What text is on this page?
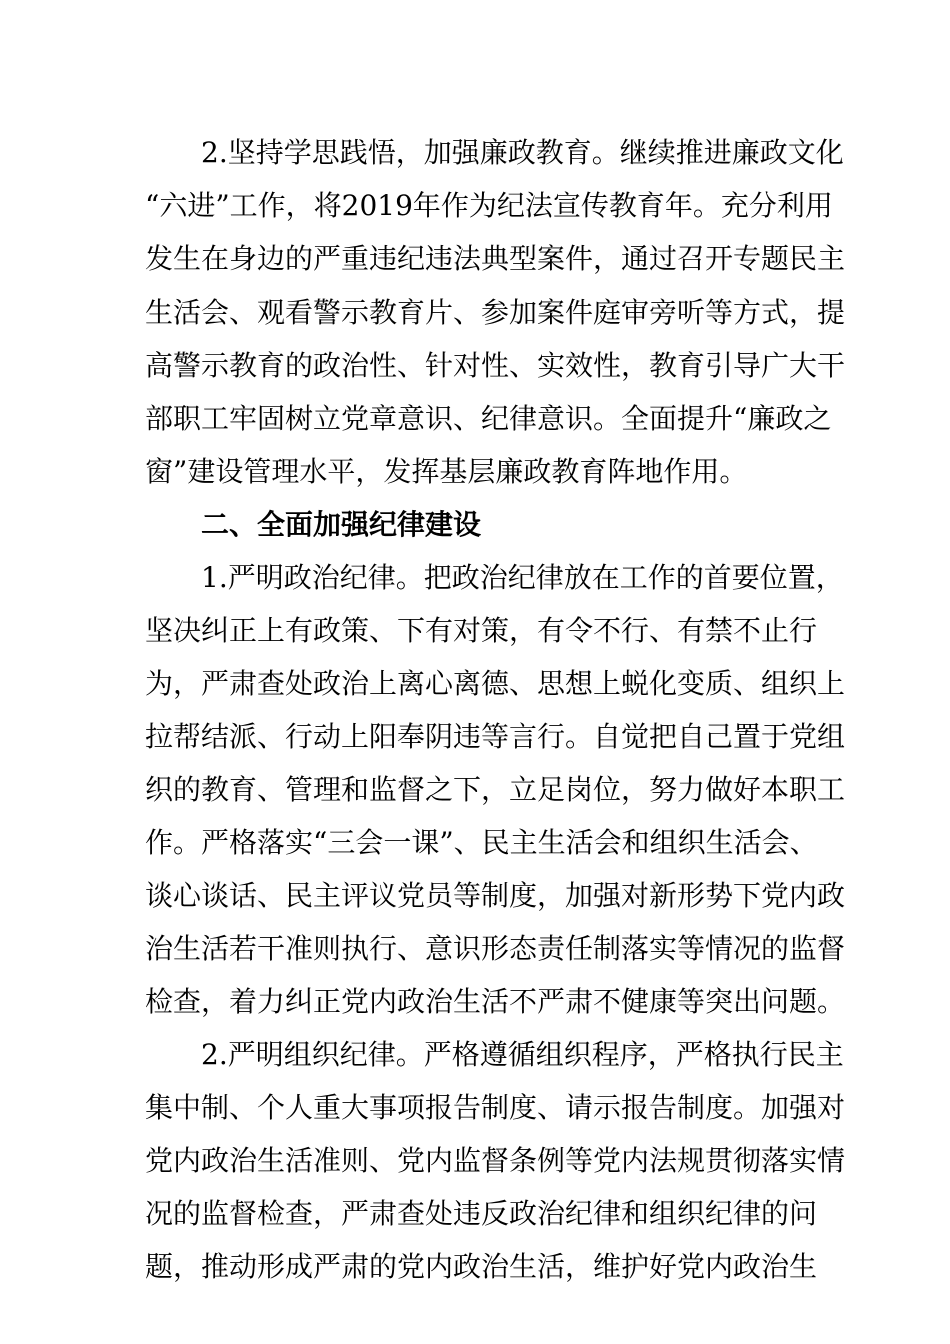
2.坚持学思践悟，加强廉政教育。继续推进廉政文化
“六进”工作，将2019年作为纪法宣传教育年。充分利用
发生在身边的严重违纪违法典型案件，通过召开专题民主
生活会、观看警示教育片、参加案件庭审旁听等方式，提
高警示教育的政治性、针对性、实效性，教育引导广大干
部职工牢固树立党章意识、纪律意识。全面提升“廉政之
窗”建设管理水平，发挥基层廉政教育阵地作用。
二、全面加强纪律建设
1.严明政治纪律。把政治纪律放在工作的首要位置，
坚决纠正上有政策、下有对策，有令不行、有禁不止行
为，严肃查处政治上离心离德、思想上蜕化变质、组织上
拉帮结派、行动上阳奉阴违等言行。自觉把自己置于党组
织的教育、管理和监督之下，立足岗位，努力做好本职工
作。严格落实“三会一课”、民主生活会和组织生活会、
谈心谈话、民主评议党员等制度，加强对新形势下党内政
治生活若干准则执行、意识形态责任制落实等情况的监督
检查，着力纠正党内政治生活不严肃不健康等突出问题。
2.严明组织纪律。严格遵循组织程序，严格执行民主
集中制、个人重大事项报告制度、请示报告制度。加强对
党内政治生活准则、党内监督条例等党内法规贯彻落实情
况的监督检查，严肃查处违反政治纪律和组织纪律的问
题，推动形成严肃的党内政治生活，维护好党内政治生
